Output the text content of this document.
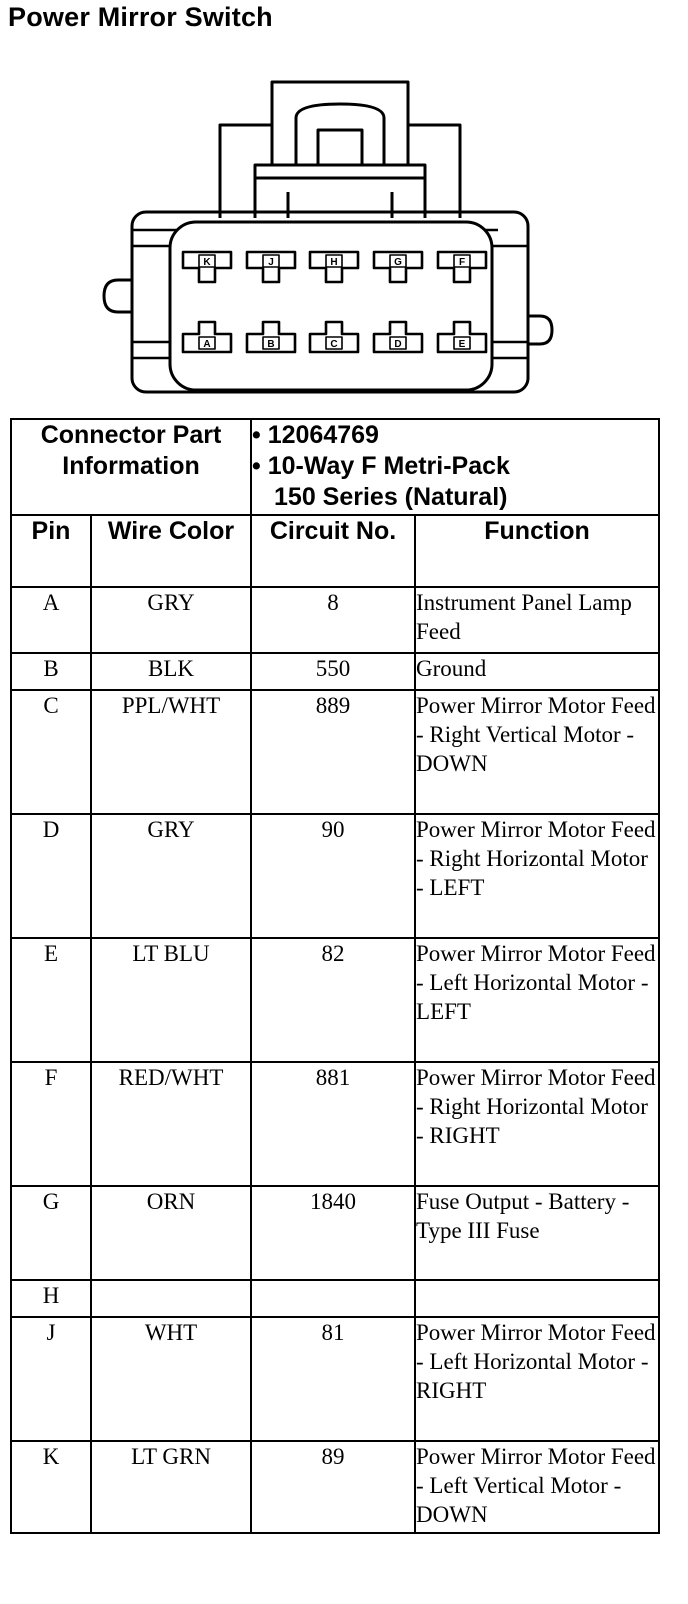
Power Mirror Switch
K	J	H	G	F
A	B	C	D	E
Connector Part Information		• 12064769
• 10-Way F Metri-Pack
150 Series (Natural)	

Pin	Wire Color	Circuit No.	Function
A	GRY	8	Instrument Panel Lamp Feed
B	BLK	550	Ground
C	PPL/WHT	889	Power Mirror Motor Feed - Right Vertical Motor - DOWN
D	GRY	90	Power Mirror Motor Feed - Right Horizontal Motor - LEFT
E	LT BLU	82	Power Mirror Motor Feed - Left Horizontal Motor - LEFT
F	RED/WHT	881	Power Mirror Motor Feed - Right Horizontal Motor - RIGHT
G	ORN	1840	Fuse Output - Battery - Type III Fuse
H			
J	WHT	81	Power Mirror Motor Feed - Left Horizontal Motor - RIGHT
K	LT GRN	89	Power Mirror Motor Feed - Left Vertical Motor - DOWN
